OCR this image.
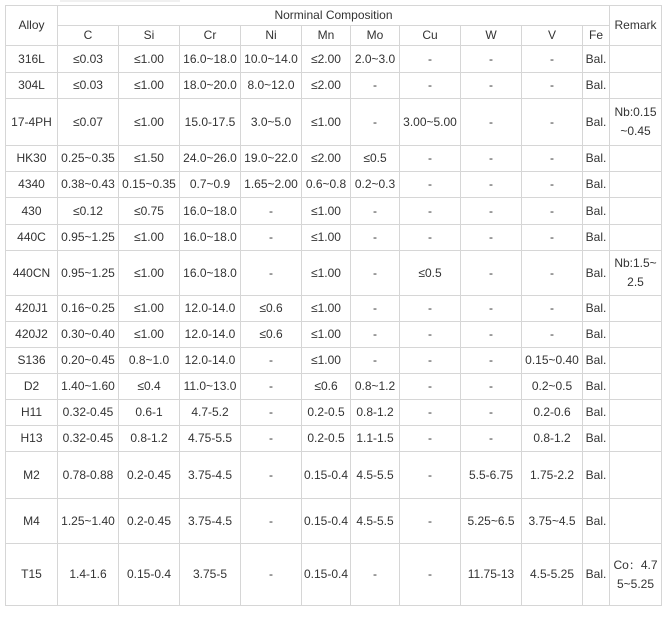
Alloy	Norminal Composition										Remark
	C	Si	Cr	Ni	Mn	Mo	Cu	W	V	Fe	
316L	≤0.03	≤1.00	16.0~18.0	10.0~14.0	≤2.00	2.0~3.0	-	-	-	Bal.	
304L	≤0.03	≤1.00	18.0~20.0	8.0~12.0	≤2.00	-	-	-	-	Bal.	
17-4PH	≤0.07	≤1.00	15.0-17.5	3.0~5.0	≤1.00	-	3.00~5.00	-	-	Bal.	Nb:0.15~0.45
HK30	0.25~0.35	≤1.50	24.0~26.0	19.0~22.0	≤2.00	≤0.5	-	-	-	Bal.	
4340	0.38~0.43	0.15~0.35	0.7~0.9	1.65~2.00	0.6~0.8	0.2~0.3	-	-	-	Bal.	
430	≤0.12	≤0.75	16.0~18.0	-	≤1.00	-	-	-	-	Bal.	
440C	0.95~1.25	≤1.00	16.0~18.0	-	≤1.00	-	-	-	-	Bal.	
440CN	0.95~1.25	≤1.00	16.0~18.0	-	≤1.00	-	≤0.5	-	-	Bal.	Nb:1.5~2.5
420J1	0.16~0.25	≤1.00	12.0-14.0	≤0.6	≤1.00	-	-	-	-	Bal.	
420J2	0.30~0.40	≤1.00	12.0-14.0	≤0.6	≤1.00	-	-	-	-	Bal.	
S136	0.20~0.45	0.8~1.0	12.0-14.0	-	≤1.00	-	-	-	0.15~0.40	Bal.	
D2	1.40~1.60	≤0.4	11.0~13.0	-	≤0.6	0.8~1.2	-	-	0.2~0.5	Bal.	
H11	0.32-0.45	0.6-1	4.7-5.2	-	0.2-0.5	0.8-1.2	-	-	0.2-0.6	Bal.	
H13	0.32-0.45	0.8-1.2	4.75-5.5	-	0.2-0.5	1.1-1.5	-	-	0.8-1.2	Bal.	
M2	0.78-0.88	0.2-0.45	3.75-4.5	-	0.15-0.4	4.5-5.5	-	5.5-6.75	1.75-2.2	Bal.	
M4	1.25~1.40	0.2-0.45	3.75-4.5	-	0.15-0.4	4.5-5.5	-	5.25~6.5	3.75~4.5	Bal.	
T15	1.4-1.6	0.15-0.4	3.75-5	-	0.15-0.4	-	-	11.75-13	4.5-5.25	Bal.	Co：4.75~5.25
